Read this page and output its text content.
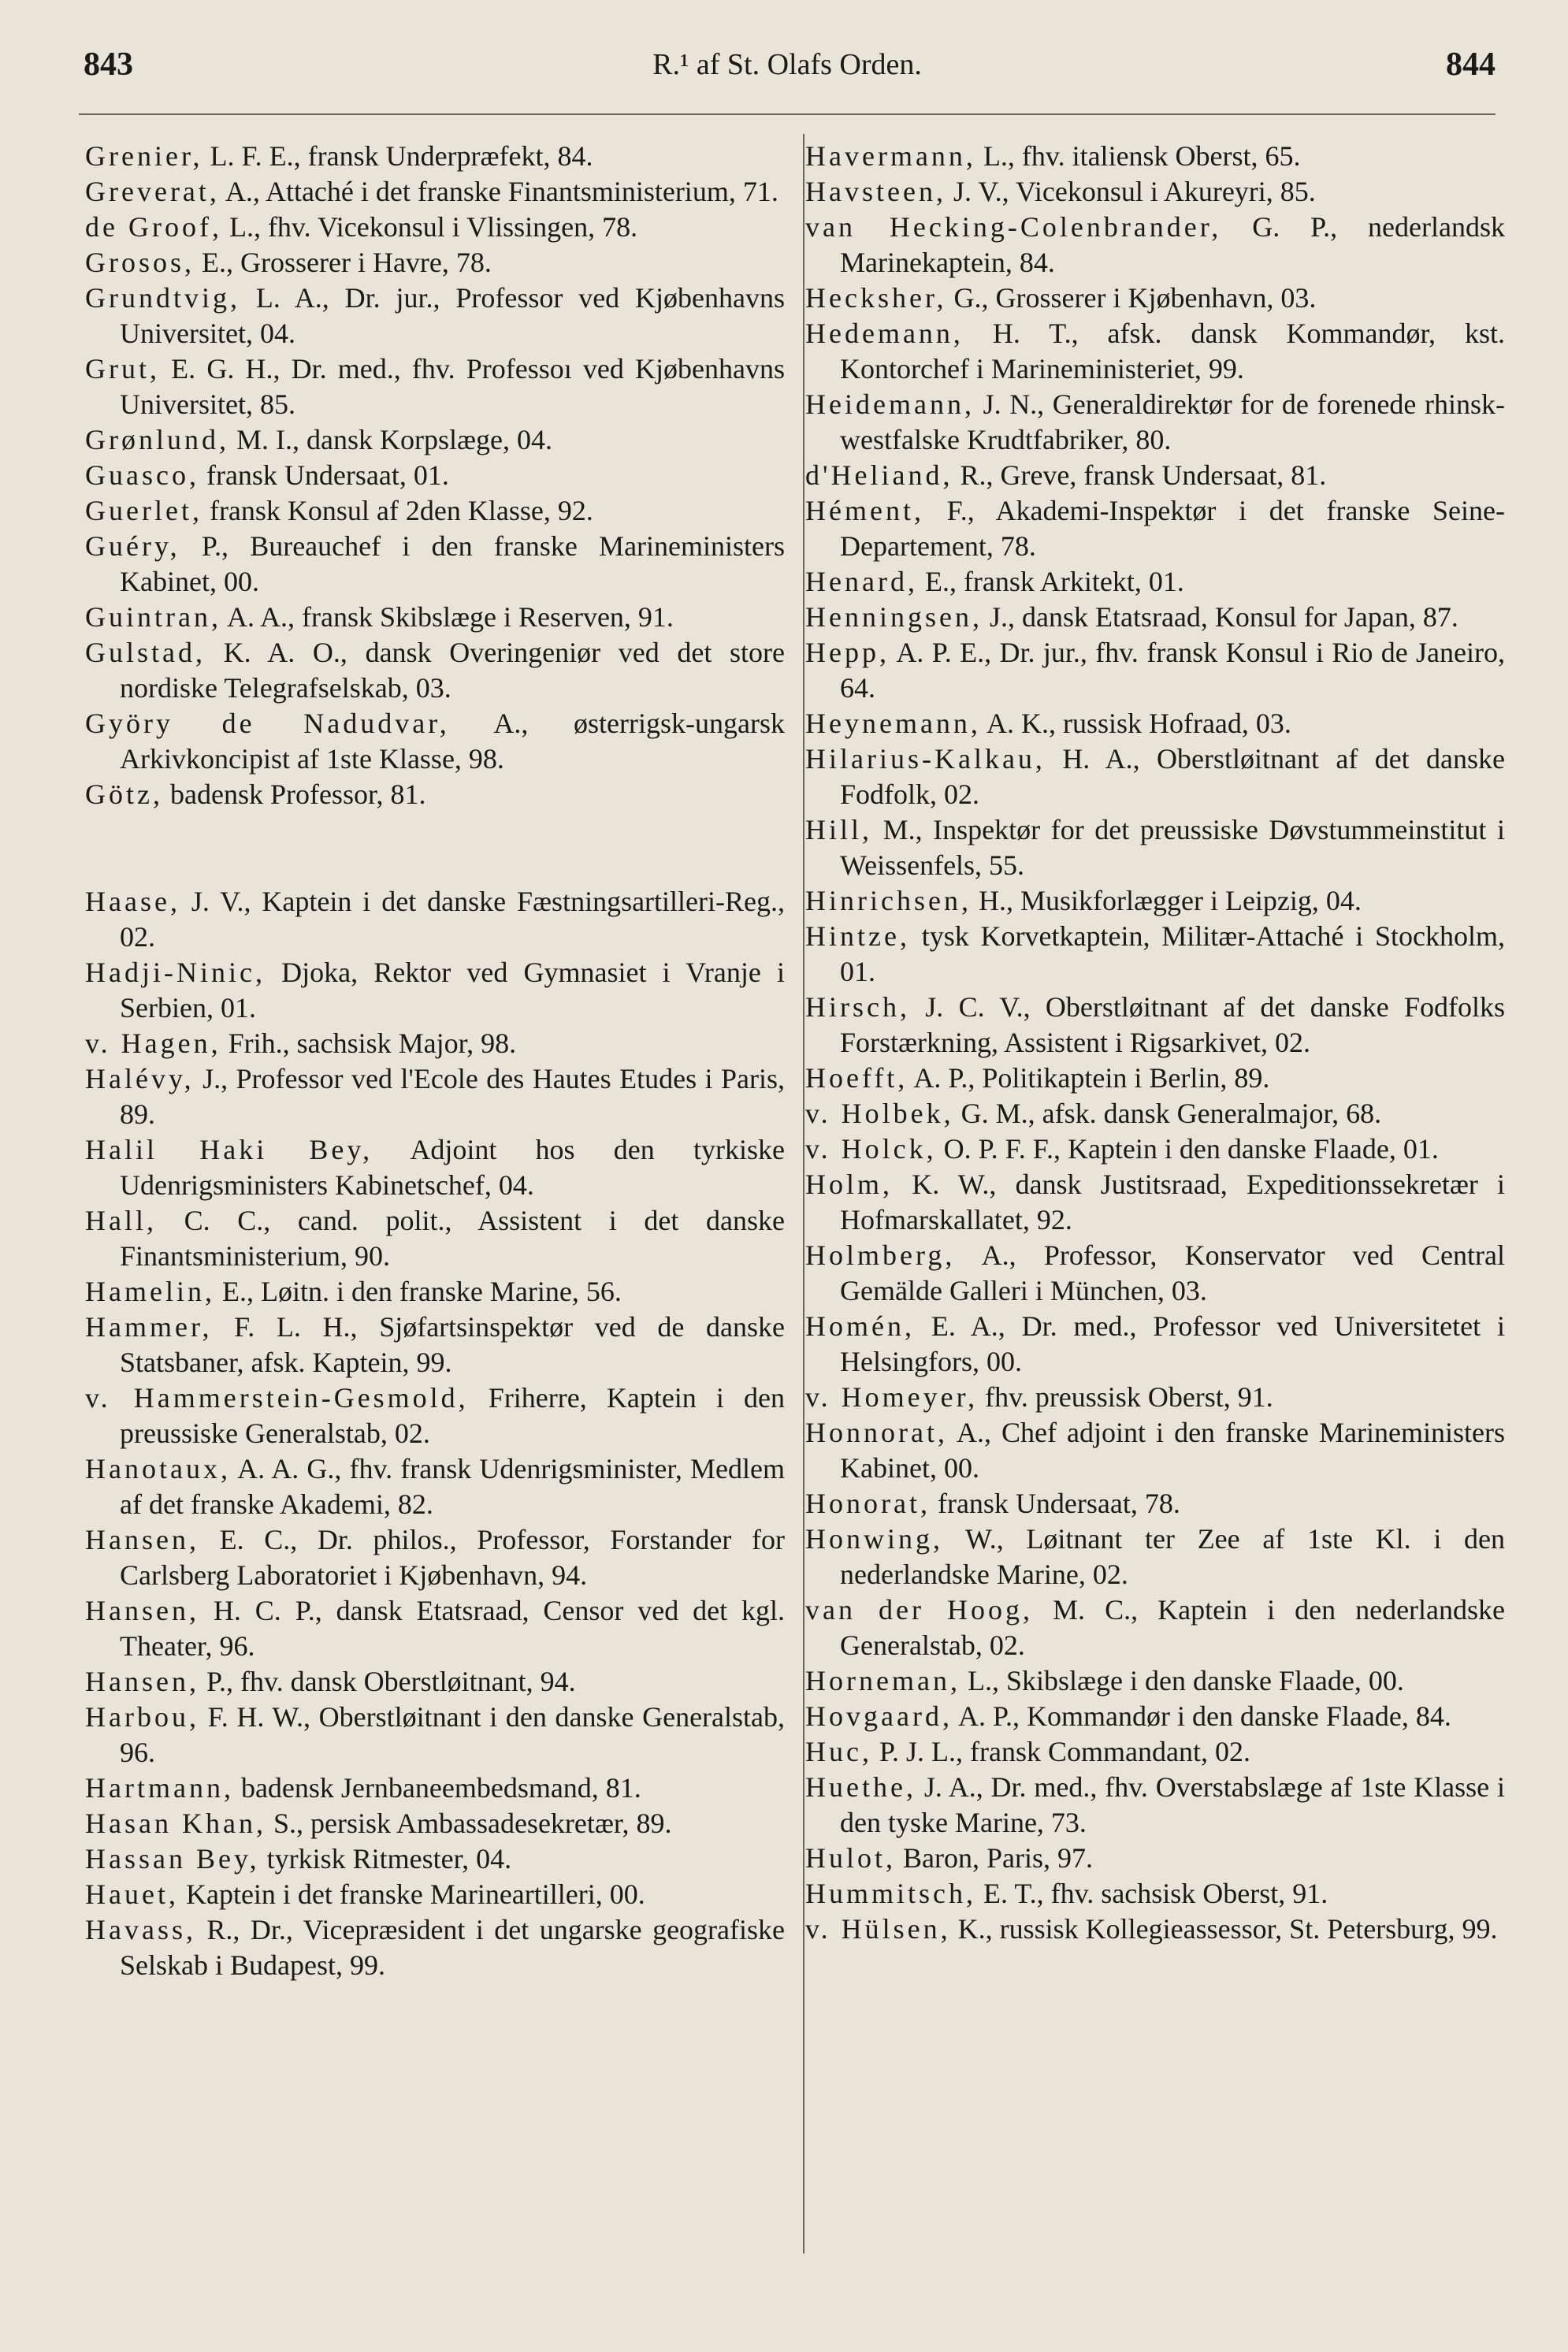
843	R.¹ af St. Olafs Orden.	844
Grenier, L. F. E., fransk Underpræfekt, 84.
Greverat, A., Attaché i det franske Finantsministerium, 71.
de Groof, L., fhv. Vicekonsul i Vlissingen, 78.
Grosos, E., Grosserer i Havre, 78.
Grundtvig, L. A., Dr. jur., Professor ved Kjøbenhavns Universitet, 04.
Grut, E. G. H., Dr. med., fhv. Professoı ved Kjøbenhavns Universitet, 85.
Grønlund, M. I., dansk Korpslæge, 04.
Guasco, fransk Undersaat, 01.
Guerlet, fransk Konsul af 2den Klasse, 92.
Guéry, P., Bureauchef i den franske Marineministers Kabinet, 00.
Guintran, A. A., fransk Skibslæge i Reserven, 91.
Gulstad, K. A. O., dansk Overingeniør ved det store nordiske Telegrafselskab, 03.
Györy de Nadudvar, A., østerrigsk-ungarsk Arkivkoncipist af 1ste Klasse, 98.
Götz, badensk Professor, 81.
Haase, J. V., Kaptein i det danske Fæstningsartilleri-Reg., 02.
Hadji-Ninic, Djoka, Rektor ved Gymnasiet i Vranje i Serbien, 01.
v. Hagen, Frih., sachsisk Major, 98.
Halévy, J., Professor ved l'Ecole des Hautes Etudes i Paris, 89.
Halil Haki Bey, Adjoint hos den tyrkiske Udenrigsministers Kabinetschef, 04.
Hall, C. C., cand. polit., Assistent i det danske Finantsministerium, 90.
Hamelin, E., Løitn. i den franske Marine, 56.
Hammer, F. L. H., Sjøfartsinspektør ved de danske Statsbaner, afsk. Kaptein, 99.
v. Hammerstein-Gesmold, Friherre, Kaptein i den preussiske Generalstab, 02.
Hanotaux, A. A. G., fhv. fransk Udenrigsminister, Medlem af det franske Akademi, 82.
Hansen, E. C., Dr. philos., Professor, Forstander for Carlsberg Laboratoriet i Kjøbenhavn, 94.
Hansen, H. C. P., dansk Etatsraad, Censor ved det kgl. Theater, 96.
Hansen, P., fhv. dansk Oberstløitnant, 94.
Harbou, F. H. W., Oberstløitnant i den danske Generalstab, 96.
Hartmann, badensk Jernbaneembedsmand, 81.
Hasan Khan, S., persisk Ambassadesekretær, 89.
Hassan Bey, tyrkisk Ritmester, 04.
Hauet, Kaptein i det franske Marineartilleri, 00.
Havass, R., Dr., Vicepræsident i det ungarske geografiske Selskab i Budapest, 99.
Havermann, L., fhv. italiensk Oberst, 65.
Havsteen, J. V., Vicekonsul i Akureyri, 85.
van Hecking-Colenbrander, G. P., nederlandsk Marinekaptein, 84.
Hecksher, G., Grosserer i Kjøbenhavn, 03.
Hedemann, H. T., afsk. dansk Kommandør, kst. Kontorchef i Marineministeriet, 99.
Heidemann, J. N., Generaldirektør for de forenede rhinsk-westfalske Krudtfabriker, 80.
d'Heliand, R., Greve, fransk Undersaat, 81.
Hément, F., Akademi-Inspektør i det franske Seine-Departement, 78.
Henard, E., fransk Arkitekt, 01.
Henningsen, J., dansk Etatsraad, Konsul for Japan, 87.
Hepp, A. P. E., Dr. jur., fhv. fransk Konsul i Rio de Janeiro, 64.
Heynemann, A. K., russisk Hofraad, 03.
Hilarius-Kalkau, H. A., Oberstløitnant af det danske Fodfolk, 02.
Hill, M., Inspektør for det preussiske Døvstummeinstitut i Weissenfels, 55.
Hinrichsen, H., Musikforlægger i Leipzig, 04.
Hintze, tysk Korvetkaptein, Militær-Attaché i Stockholm, 01.
Hirsch, J. C. V., Oberstløitnant af det danske Fodfolks Forstærkning, Assistent i Rigsarkivet, 02.
Hoefft, A. P., Politikaptein i Berlin, 89.
v. Holbek, G. M., afsk. dansk Generalmajor, 68.
v. Holck, O. P. F. F., Kaptein i den danske Flaade, 01.
Holm, K. W., dansk Justitsraad, Expeditionssekretær i Hofmarskallatet, 92.
Holmberg, A., Professor, Konservator ved Central Gemälde Galleri i München, 03.
Homén, E. A., Dr. med., Professor ved Universitetet i Helsingfors, 00.
v. Homeyer, fhv. preussisk Oberst, 91.
Honnorat, A., Chef adjoint i den franske Marineministers Kabinet, 00.
Honorat, fransk Undersaat, 78.
Honwing, W., Løitnant ter Zee af 1ste Kl. i den nederlandske Marine, 02.
van der Hoog, M. C., Kaptein i den nederlandske Generalstab, 02.
Horneman, L., Skibslæge i den danske Flaade, 00.
Hovgaard, A. P., Kommandør i den danske Flaade, 84.
Huc, P. J. L., fransk Commandant, 02.
Huethe, J. A., Dr. med., fhv. Overstabslæge af 1ste Klasse i den tyske Marine, 73.
Hulot, Baron, Paris, 97.
Hummitsch, E. T., fhv. sachsisk Oberst, 91.
v. Hülsen, K., russisk Kollegieassessor, St. Petersburg, 99.
